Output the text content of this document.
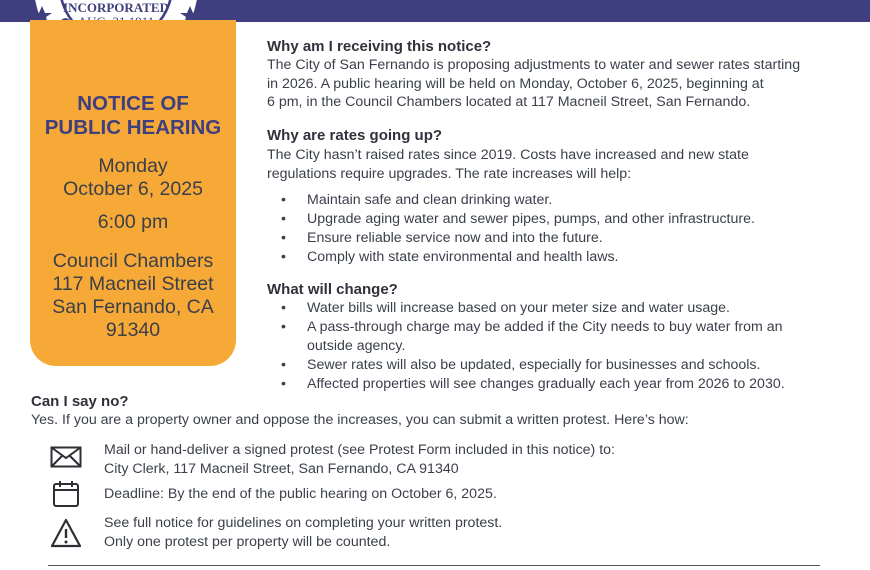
INCORPORATED
NOTICE OF
PUBLIC HEARING
Monday
October 6, 2025
6:00 pm
Council Chambers
117 Macneil Street
San Fernando, CA
91340
Why am I receiving this notice?
The City of San Fernando is proposing adjustments to water and sewer rates starting
in 2026. A public hearing will be held on Monday, October 6, 2025, beginning at
6 pm, in the Council Chambers located at 117 Macneil Street, San Fernando.
Why are rates going up?
The City hasn’t raised rates since 2019. Costs have increased and new state
regulations require upgrades. The rate increases will help:
• Maintain safe and clean drinking water.
• Upgrade aging water and sewer pipes, pumps, and other infrastructure.
• Ensure reliable service now and into the future.
• Comply with state environmental and health laws.
What will change?
• Water bills will increase based on your meter size and water usage.
• A pass-through charge may be added if the City needs to buy water from an
outside agency.
• Sewer rates will also be updated, especially for businesses and schools.
• Affected properties will see changes gradually each year from 2026 to 2030.
Can I say no?
Yes. If you are a property owner and oppose the increases, you can submit a written protest. Here’s how:
Mail or hand-deliver a signed protest (see Protest Form included in this notice) to:
City Clerk, 117 Macneil Street, San Fernando, CA 91340
Deadline: By the end of the public hearing on October 6, 2025.
See full notice for guidelines on completing your written protest.
Only one protest per property will be counted.
